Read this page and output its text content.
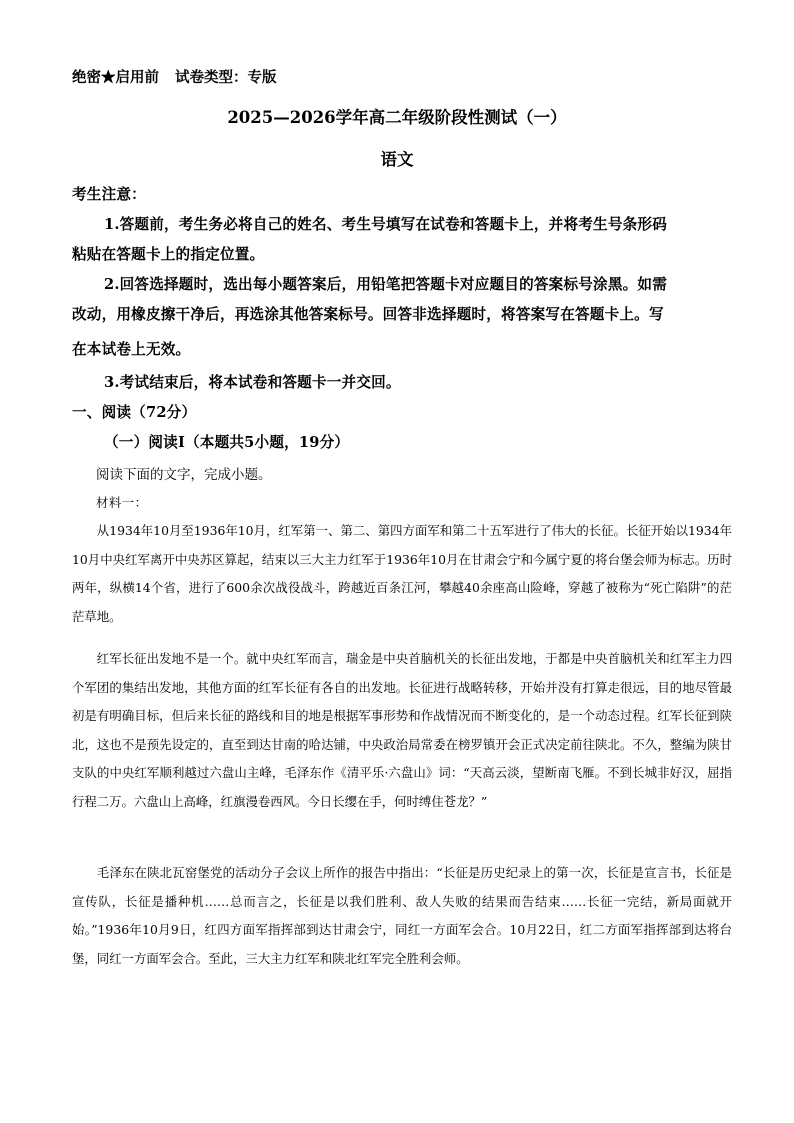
绝密★启用前 试卷类型：专版
2025—2026学年高二年级阶段性测试（一）
语文
考生注意：
1.答题前，考生务必将自己的姓名、考生号填写在试卷和答题卡上，并将考生号条形码
粘贴在答题卡上的指定位置。
2.回答选择题时，选出每小题答案后，用铅笔把答题卡对应题目的答案标号涂黑。如需
改动，用橡皮擦干净后，再选涂其他答案标号。回答非选择题时，将答案写在答题卡上。写
在本试卷上无效。
3.考试结束后，将本试卷和答题卡一并交回。
一、阅读（72分）
（一）阅读Ⅰ（本题共5小题，19分）
阅读下面的文字，完成小题。
材料一：

从1934年10月至1936年10月，红军第一、第二、第四方面军和第二十五军进行了伟大的长征。长征开始以1934年10月中央红军离开中央苏区算起，结束以三大主力红军于1936年10月在甘肃会宁和今属宁夏的将台堡会师为标志。历时两年，纵横14个省，进行了600余次战役战斗，跨越近百条江河，攀越40余座高山险峰，穿越了被称为“死亡陷阱”的茫茫草地。

红军长征出发地不是一个。就中央红军而言，瑞金是中央首脑机关的长征出发地，于都是中央首脑机关和红军主力四个军团的集结出发地，其他方面的红军长征有各自的出发地。长征进行战略转移，开始并没有打算走很远，目的地尽管最初是有明确目标，但后来长征的路线和目的地是根据军事形势和作战情况而不断变化的，是一个动态过程。红军长征到陕北，这也不是预先设定的，直至到达甘南的哈达铺，中央政治局常委在榜罗镇开会正式决定前往陕北。不久，整编为陕甘支队的中央红军顺利越过六盘山主峰，毛泽东作《清平乐·六盘山》词：“天高云淡，望断南飞雁。不到长城非好汉，屈指行程二万。六盘山上高峰，红旗漫卷西风。今日长缨在手，何时缚住苍龙？”

毛泽东在陕北瓦窑堡党的活动分子会议上所作的报告中指出：“长征是历史纪录上的第一次，长征是宣言书，长征是宣传队，长征是播种机……总而言之，长征是以我们胜利、敌人失败的结果而告结束……长征一完结，新局面就开始。”1936年10月9日，红四方面军指挥部到达甘肃会宁，同红一方面军会合。10月22日，红二方面军指挥部到达将台堡，同红一方面军会合。至此，三大主力红军和陕北红军完全胜利会师。
